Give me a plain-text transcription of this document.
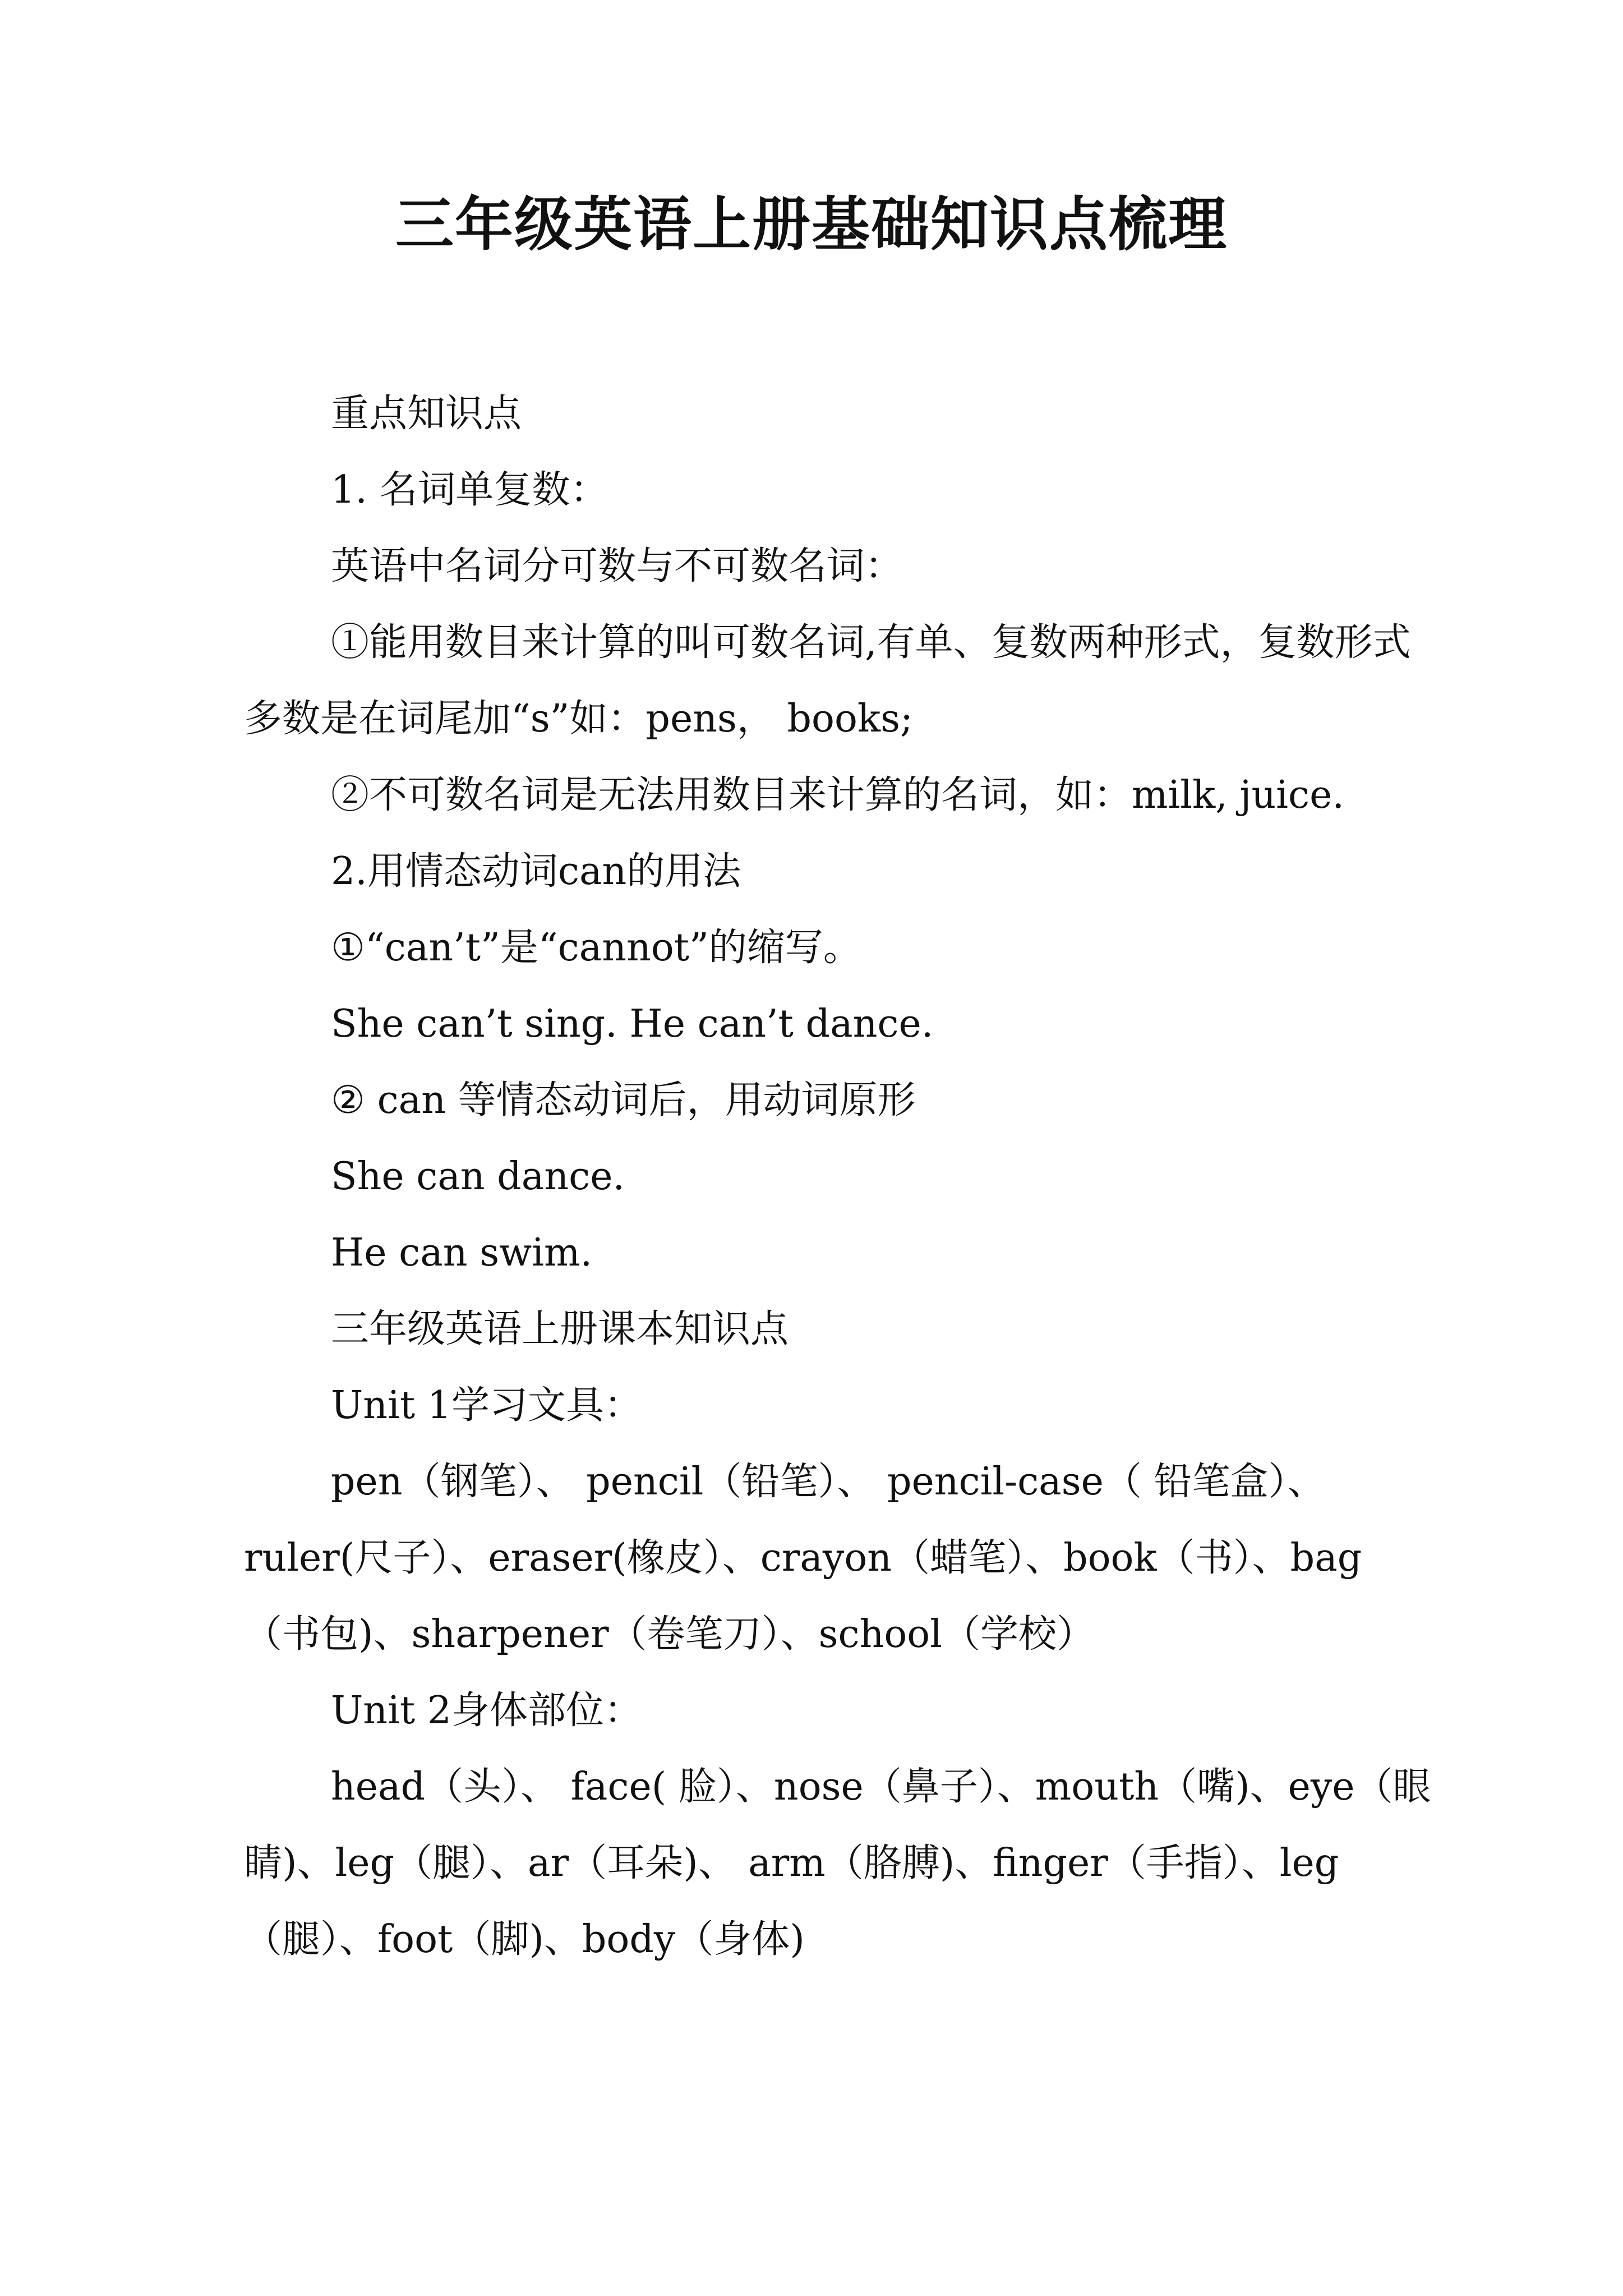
三年级英语上册基础知识点梳理

重点知识点

1. 名词单复数：

英语中名词分可数与不可数名词：

①能用数目来计算的叫可数名词,有单、复数两种形式，复数形式多数是在词尾加“s”如：pens， books;

②不可数名词是无法用数目来计算的名词，如：milk, juice.

2.用情态动词can的用法

①“can’t”是“cannot”的缩写。

She can’t sing. He can’t dance.

② can 等情态动词后，用动词原形

She can dance.

He can swim.

三年级英语上册课本知识点

Unit 1学习文具：

pen（钢笔）、 pencil（铅笔）、 pencil-case（ 铅笔盒）、ruler(尺子）、eraser(橡皮）、crayon（蜡笔）、book（书）、bag（书包)、sharpener（卷笔刀）、school（学校）

Unit 2身体部位：

head（头）、 face( 脸）、nose（鼻子）、mouth（嘴)、eye（眼睛)、leg（腿）、ar（耳朵)、 arm（胳膊)、finger（手指）、leg（腿）、foot（脚)、body（身体)
